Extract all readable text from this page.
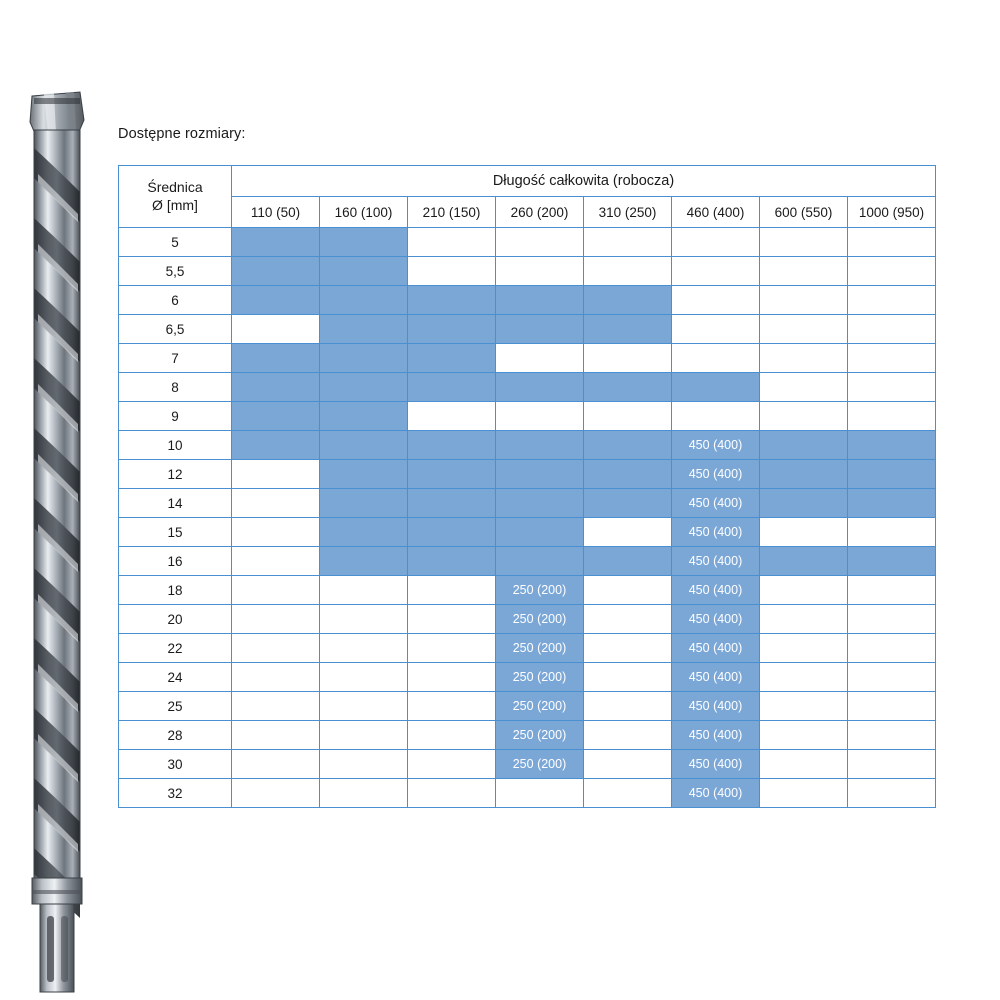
Dostępne rozmiary:
Średnica
Ø [mm]	Długość całkowita (robocza)							
	110 (50)	160 (100)	210 (150)	260 (200)	310 (250)	460 (400)	600 (550)	1000 (950)
5								
5,5								
6								
6,5								
7								
8								
9								
10						450 (400)		
12						450 (400)		
14						450 (400)		
15						450 (400)		
16						450 (400)		
18				250 (200)		450 (400)		
20				250 (200)		450 (400)		
22				250 (200)		450 (400)		
24				250 (200)		450 (400)		
25				250 (200)		450 (400)		
28				250 (200)		450 (400)		
30				250 (200)		450 (400)		
32						450 (400)		
